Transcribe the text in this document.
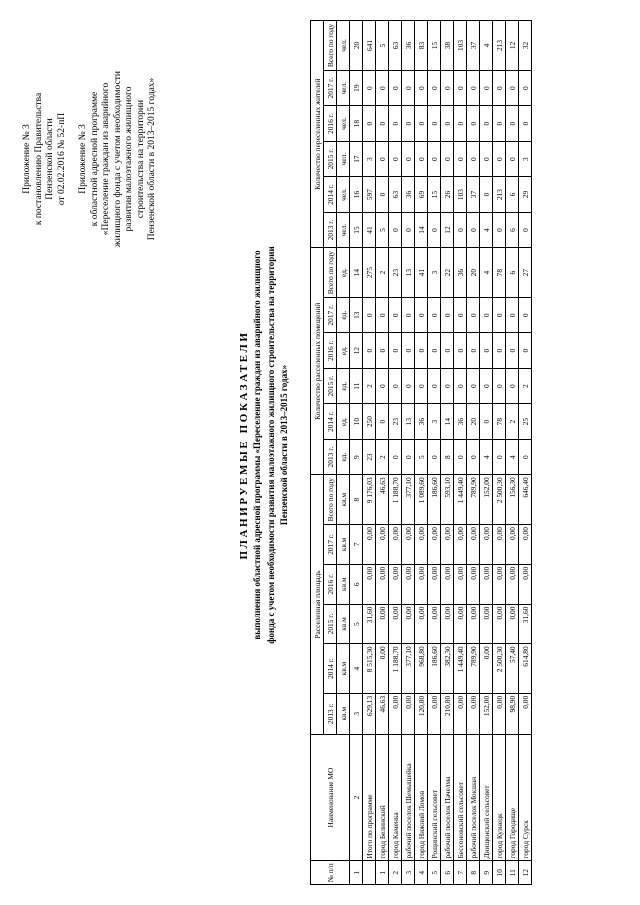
Приложение № 3 к постановлению Правительства Пензенской области от 02.02.2016 № 52-пП Приложение № 3 к областной адресной программе «Переселение граждан из аварийного жилищного фонда с учетом необходимости развития малоэтажного жилищного строительства на территории Пензенской области в 2013–2015 годах»
ПЛАНИРУЕМЫЕ ПОКАЗАТЕЛИ выполнения областной адресной программы «Переселение граждан из аварийного жилищного фонда с учетом необходимости развития малоэтажного жилищного строительства на территории Пензенской области в 2013–2015 годах»
№ п/п	Наименование МО	Расселенная площадь						Количество расселенных помещений						Количество переселенных жителей					
		2013 г.	2014 г.	2015 г.	2016 г.	2017 г.	Всего по году	2013 г.	2014 г.	2015 г.	2016 г.	2017 г.	Всего по году	2013 г.	2014 г.	2015 г.	2016 г.	2017 г.	Всего по году
		кв.м	кв.м	кв.м	кв.м	кв.м	кв.м	ед.	ед.	ед.	ед.	ед.	ед.	чел.	чел.	чел.	чел.	чел.	чел.
1	2	3	4	5	6	7	8	9	10	11	12	13	14	15	16	17	18	19	20
	Итого по программе	629,13	8 515,30	31,60	0,00	0,00	9 176,03	23	250	2	0	0	275	41	597	3	0	0	641
1	город Белинский	46,63	0,00	0,00	0,00	0,00	46,63	2	0	0	0	0	2	5	0	0	0	0	5
2	город Каменка	0,00	1 188,70	0,00	0,00	0,00	1 188,70	0	23	0	0	0	23	0	63	0	0	0	63
3	рабочий поселок Шемышейка	0,00	377,10	0,00	0,00	0,00	377,10	0	13	0	0	0	13	0	36	0	0	0	36
4	город Нижний Ломов	120,80	968,80	0,00	0,00	0,00	1 089,60	5	36	0	0	0	41	14	69	0	0	0	83
5	Рощинский сельсовет	0,00	186,60	0,00	0,00	0,00	186,60	0	3	0	0	0	3	0	15	0	0	0	15
6	рабочий поселок Пачелма	210,80	382,30	0,00	0,00	0,00	593,10	8	14	0	0	0	22	12	26	0	0	0	38
7	Бессоновский сельсовет	0,00	1 449,40	0,00	0,00	0,00	1 449,40	0	36	0	0	0	36	0	103	0	0	0	103
8	рабочий поселок Мокшан	0,00	789,90	0,00	0,00	0,00	789,90	0	20	0	0	0	20	0	37	0	0	0	37
9	Днищенский сельсовет	152,00	0,00	0,00	0,00	0,00	152,00	4	0	0	0	0	4	4	0	0	0	0	4
10	город Кузнецк	0,00	2 500,30	0,00	0,00	0,00	2 500,30	0	78	0	0	0	78	0	213	0	0	0	213
11	город Городище	98,90	57,40	0,00	0,00	0,00	156,30	4	2	0	0	0	6	6	6	0	0	0	12
12	город Сурск	0,00	614,80	31,60	0,00	0,00	646,40	0	25	2	0	0	27	0	29	3	0	0	32
